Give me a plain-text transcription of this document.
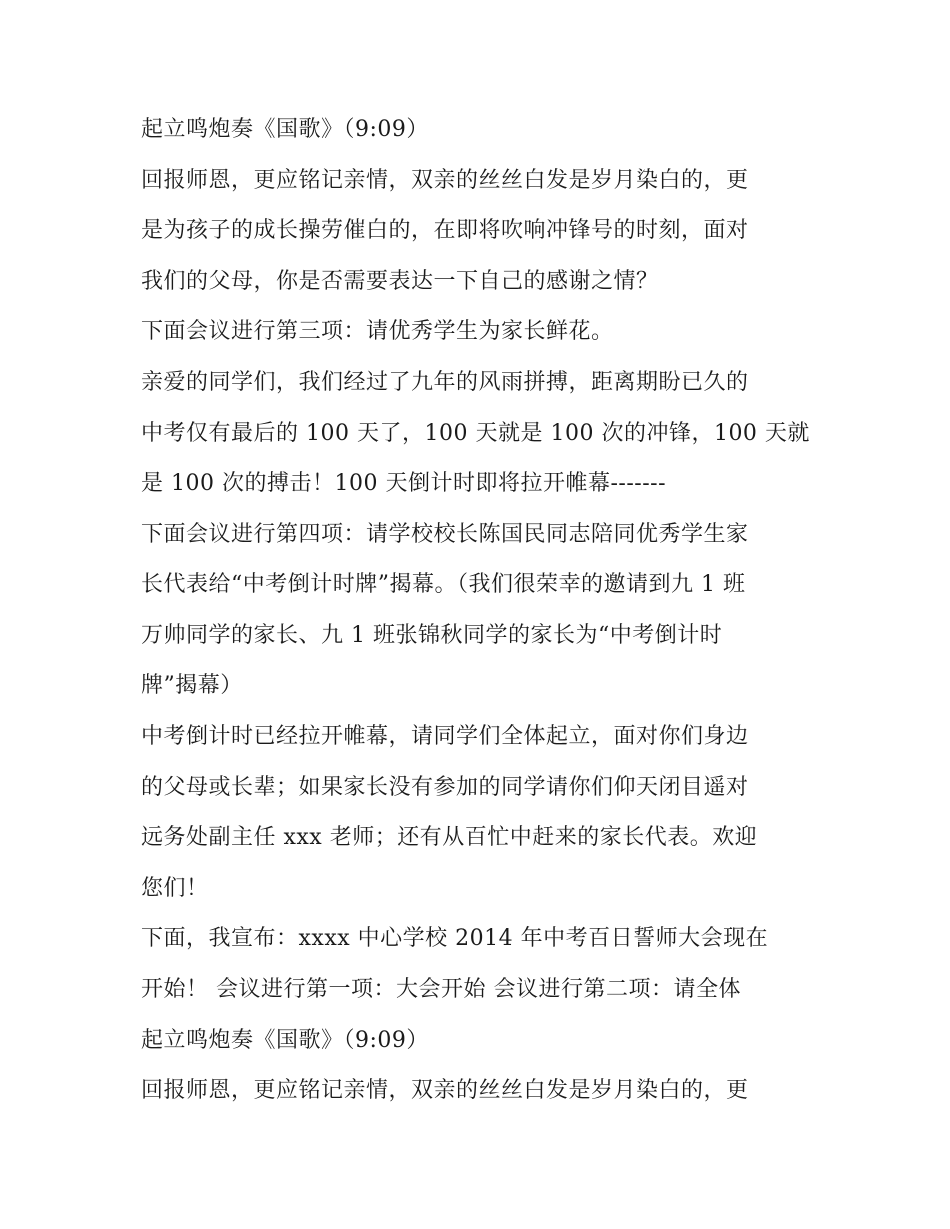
起立鸣炮奏《国歌》（9:09）
回报师恩，更应铭记亲情，双亲的丝丝白发是岁月染白的，更
是为孩子的成长操劳催白的，在即将吹响冲锋号的时刻，面对
我们的父母，你是否需要表达一下自己的感谢之情？
下面会议进行第三项：请优秀学生为家长鲜花。
亲爱的同学们，我们经过了九年的风雨拼搏，距离期盼已久的
中考仅有最后的 100 天了，100 天就是 100 次的冲锋，100 天就
是 100 次的搏击！100 天倒计时即将拉开帷幕-------
下面会议进行第四项：请学校校长陈国民同志陪同优秀学生家
长代表给“中考倒计时牌”揭幕。（我们很荣幸的邀请到九 1 班
万帅同学的家长、九 1 班张锦秋同学的家长为“中考倒计时
牌”揭幕）
中考倒计时已经拉开帷幕，请同学们全体起立，面对你们身边
的父母或长辈；如果家长没有参加的同学请你们仰天闭目遥对
远务处副主任 xxx 老师；还有从百忙中赶来的家长代表。欢迎
您们！
下面，我宣布：xxxx 中心学校 2014 年中考百日誓师大会现在
开始！ 会议进行第一项：大会开始 会议进行第二项：请全体
起立鸣炮奏《国歌》（9:09）
回报师恩，更应铭记亲情，双亲的丝丝白发是岁月染白的，更
